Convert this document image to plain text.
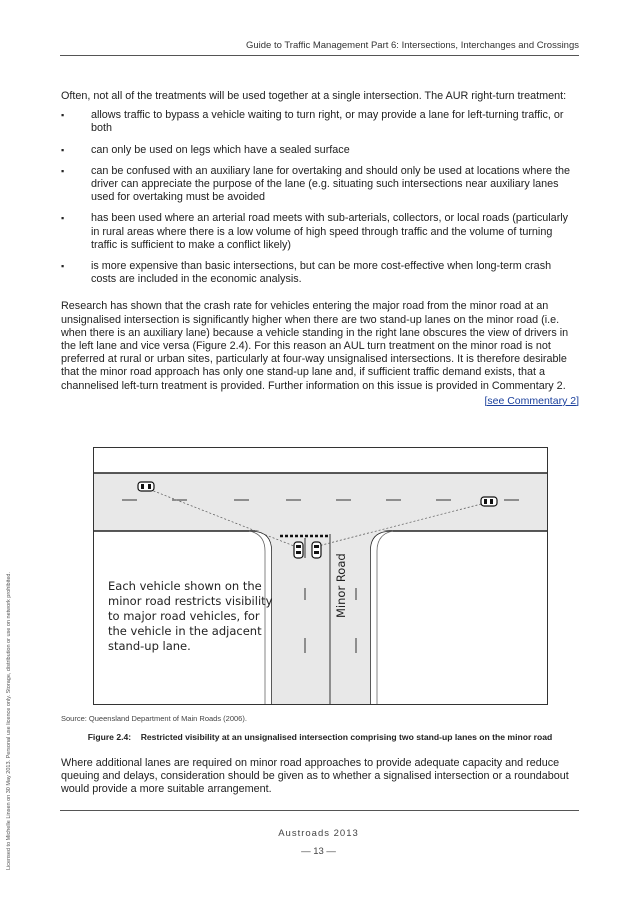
Guide to Traffic Management Part 6: Intersections, Interchanges and Crossings
Licensed to Michelle Linsen on 30 May 2013. Personal use licence only. Storage, distribution or use on network prohibited.

Often, not all of the treatments will be used together at a single intersection. The AUR right-turn treatment:

▪ allows traffic to bypass a vehicle waiting to turn right, or may provide a lane for left-turning traffic, or both
▪ can only be used on legs which have a sealed surface
▪ can be confused with an auxiliary lane for overtaking and should only be used at locations where the driver can appreciate the purpose of the lane (e.g. situating such intersections near auxiliary lanes used for overtaking must be avoided
▪ has been used where an arterial road meets with sub-arterials, collectors, or local roads (particularly in rural areas where there is a low volume of high speed through traffic and the volume of turning traffic is sufficient to make a conflict likely)
▪ is more expensive than basic intersections, but can be more cost-effective when long-term crash costs are included in the economic analysis.

Research has shown that the crash rate for vehicles entering the major road from the minor road at an unsignalised intersection is significantly higher when there are two stand-up lanes on the minor road (i.e. when there is an auxiliary lane) because a vehicle standing in the right lane obscures the view of drivers in the left lane and vice versa (Figure 2.4). For this reason an AUL turn treatment on the minor road is not preferred at rural or urban sites, particularly at four-way unsignalised intersections. It is therefore desirable that the minor road approach has only one stand-up lane and, if sufficient traffic demand exists, that a channelised left-turn treatment is provided. Further information on this issue is provided in Commentary 2.

[see Commentary 2]
Each vehicle shown on the
minor road restricts visibility
to major road vehicles, for
the vehicle in the adjacent
stand-up lane.
Minor Road
Source: Queensland Department of Main Roads (2006).
Figure 2.4:    Restricted visibility at an unsignalised intersection comprising two stand-up lanes on the minor road
Where additional lanes are required on minor road approaches to provide adequate capacity and reduce queuing and delays, consideration should be given as to whether a signalised intersection or a roundabout would provide a more suitable arrangement.
Austroads 2013
— 13 —
